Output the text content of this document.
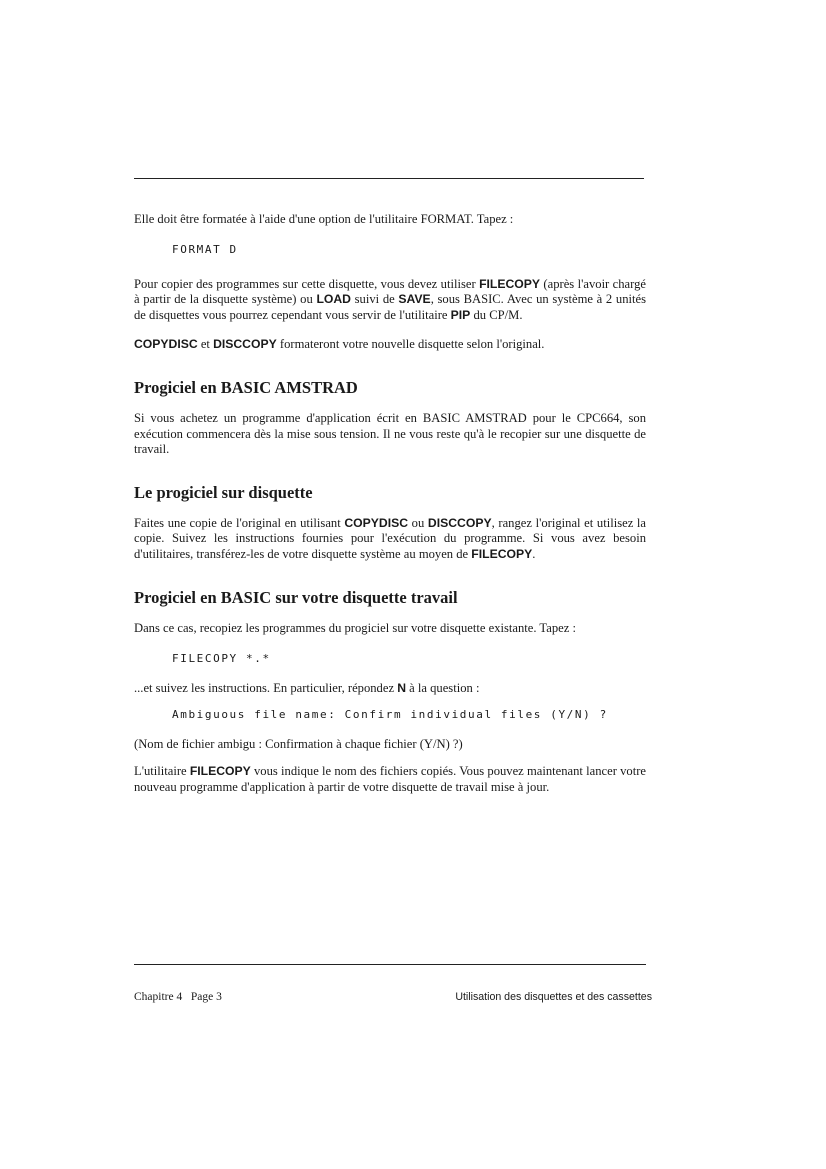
Elle doit être formatée à l'aide d'une option de l'utilitaire FORMAT. Tapez :

FORMAT D

Pour copier des programmes sur cette disquette, vous devez utiliser FILECOPY (après l'avoir chargé à partir de la disquette système) ou LOAD suivi de SAVE, sous BASIC. Avec un système à 2 unités de disquettes vous pourrez cependant vous servir de l'utilitaire PIP du CP/M.

COPYDISC et DISCCOPY formateront votre nouvelle disquette selon l'original.

Progiciel en BASIC AMSTRAD

Si vous achetez un programme d'application écrit en BASIC AMSTRAD pour le CPC664, son exécution commencera dès la mise sous tension. Il ne vous reste qu'à le recopier sur une disquette de travail.

Le progiciel sur disquette

Faites une copie de l'original en utilisant COPYDISC ou DISCCOPY, rangez l'original et utilisez la copie. Suivez les instructions fournies pour l'exécution du programme. Si vous avez besoin d'utilitaires, transférez-les de votre disquette système au moyen de FILECOPY.

Progiciel en BASIC sur votre disquette travail

Dans ce cas, recopiez les programmes du progiciel sur votre disquette existante. Tapez :

FILECOPY *.*

...et suivez les instructions. En particulier, répondez N à la question :

Ambiguous file name: Confirm individual files (Y/N) ?

(Nom de fichier ambigu : Confirmation à chaque fichier (Y/N) ?)

L'utilitaire FILECOPY vous indique le nom des fichiers copiés. Vous pouvez maintenant lancer votre nouveau programme d'application à partir de votre disquette de travail mise à jour.

Chapitre 4   Page 3	Utilisation des disquettes et des cassettes
